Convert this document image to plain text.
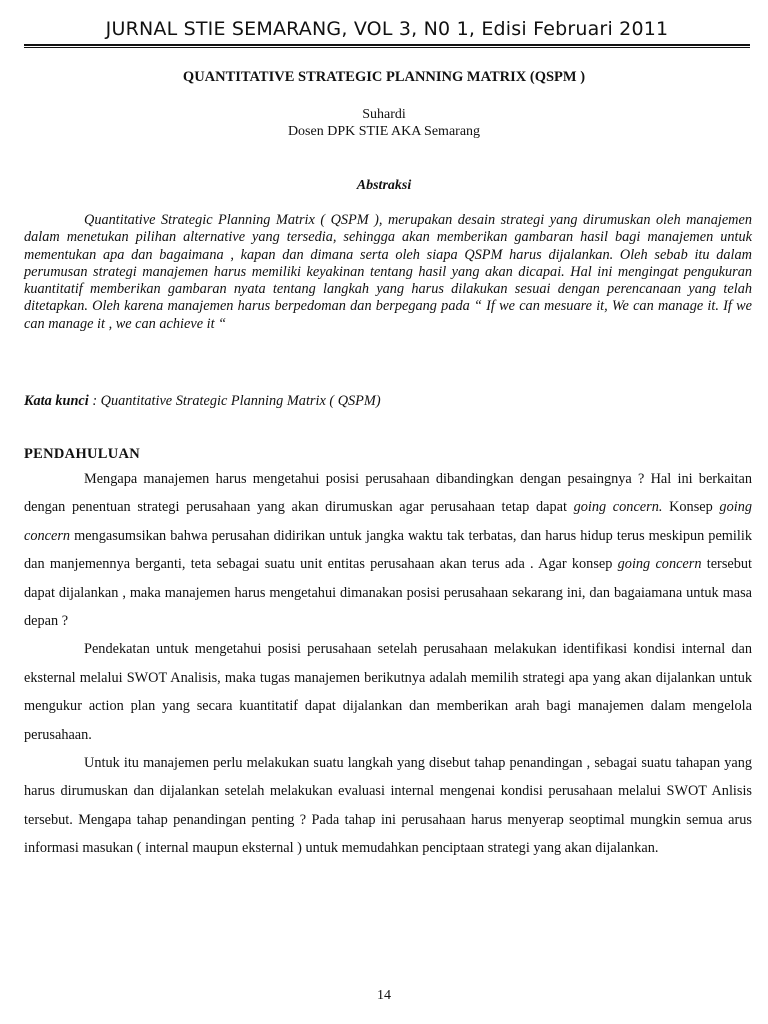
JURNAL STIE SEMARANG, VOL 3, N0 1, Edisi Februari 2011
QUANTITATIVE STRATEGIC PLANNING MATRIX (QSPM )
Suhardi
Dosen DPK STIE AKA Semarang
Abstraksi
Quantitative Strategic Planning Matrix ( QSPM ), merupakan desain strategi yang dirumuskan oleh manajemen dalam menetukan pilihan alternative yang tersedia, sehingga akan memberikan gambaran hasil bagi manajemen untuk mementukan apa dan bagaimana , kapan dan dimana serta oleh siapa QSPM harus dijalankan. Oleh sebab itu dalam perumusan strategi manajemen harus memiliki keyakinan tentang hasil yang akan dicapai. Hal ini mengingat pengukuran kuantitatif memberikan gambaran nyata tentang langkah yang harus dilakukan sesuai dengan perencanaan yang telah ditetapkan. Oleh karena manajemen harus berpedoman dan berpegang pada “ If we can mesuare it, We can manage it. If we can manage it , we can achieve it “
Kata kunci : Quantitative Strategic Planning Matrix ( QSPM)
PENDAHULUAN

Mengapa manajemen harus mengetahui posisi perusahaan dibandingkan dengan pesaingnya ? Hal ini berkaitan dengan penentuan strategi perusahaan yang akan dirumuskan agar perusahaan tetap dapat going concern. Konsep going concern mengasumsikan bahwa perusahan didirikan untuk jangka waktu tak terbatas, dan harus hidup terus meskipun pemilik dan manjemennya berganti, teta sebagai suatu unit entitas perusahaan akan terus ada . Agar konsep going concern tersebut dapat dijalankan , maka manajemen harus mengetahui dimanakan posisi perusahaan sekarang ini, dan bagaiamana untuk masa depan ?

Pendekatan untuk mengetahui posisi perusahaan setelah perusahaan melakukan identifikasi kondisi internal dan eksternal melalui SWOT Analisis, maka tugas manajemen berikutnya adalah memilih strategi apa yang akan dijalankan untuk mengukur action plan yang secara kuantitatif dapat dijalankan dan memberikan arah bagi manajemen dalam mengelola perusahaan.

Untuk itu manajemen perlu melakukan suatu langkah yang disebut tahap penandingan , sebagai suatu tahapan yang harus dirumuskan dan dijalankan setelah melakukan evaluasi internal mengenai kondisi perusahaan melalui SWOT Anlisis tersebut. Mengapa tahap penandingan penting ? Pada tahap ini perusahaan harus menyerap seoptimal mungkin semua arus informasi masukan ( internal maupun eksternal ) untuk memudahkan penciptaan strategi yang akan dijalankan.

14
